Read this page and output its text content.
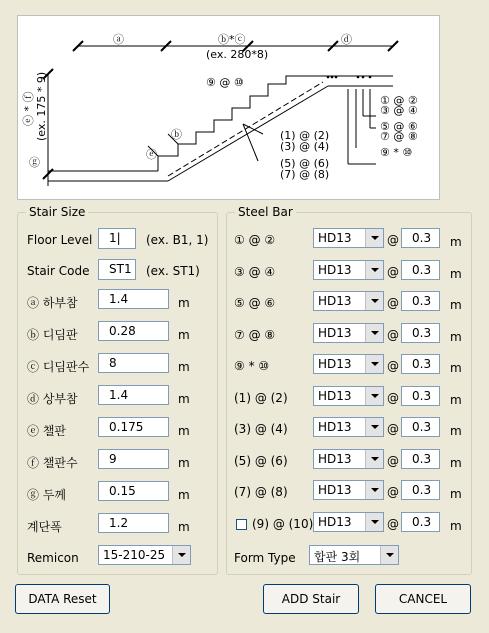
ⓐ	ⓑ*ⓒ
(ex. 280*8)
ⓓ
ⓔ * ⓕ (ex. 175 * 9)
ⓖ
ⓑ
ⓔ
⑨ @ ⑩
① @ ②
③ @ ④
⑤ @ ⑥
⑦ @ ⑧
⑨ * ⑩
(1) @ (2)
(3) @ (4)
(5) @ (6)
(7) @ (8)
Stair Size
Floor Level	1|	(ex. B1, 1)
Stair Code	ST1	(ex. ST1)
ⓐ 하부참	1.4	m
ⓑ 디딤판	0.28	m
ⓒ 디딤판수	8	m
ⓓ 상부참	1.4	m
ⓔ 챌판	0.175	m
ⓕ 챌판수	9	m
ⓖ 두께	0.15	m
계단폭	1.2	m
Remicon	15-210-25
Steel Bar
① @ ②	HD13	@	0.3	m
③ @ ④	HD13	@	0.3	m
⑤ @ ⑥	HD13	@	0.3	m
⑦ @ ⑧	HD13	@	0.3	m
⑨ * ⑩	HD13	@	0.3	m
(1) @ (2)	HD13	@	0.3	m
(3) @ (4)	HD13	@	0.3	m
(5) @ (6)	HD13	@	0.3	m
(7) @ (8)	HD13	@	0.3	m
(9) @ (10) HD13	@	0.3	m
Form Type	합판 3회
DATA Reset	ADD Stair	CANCEL
